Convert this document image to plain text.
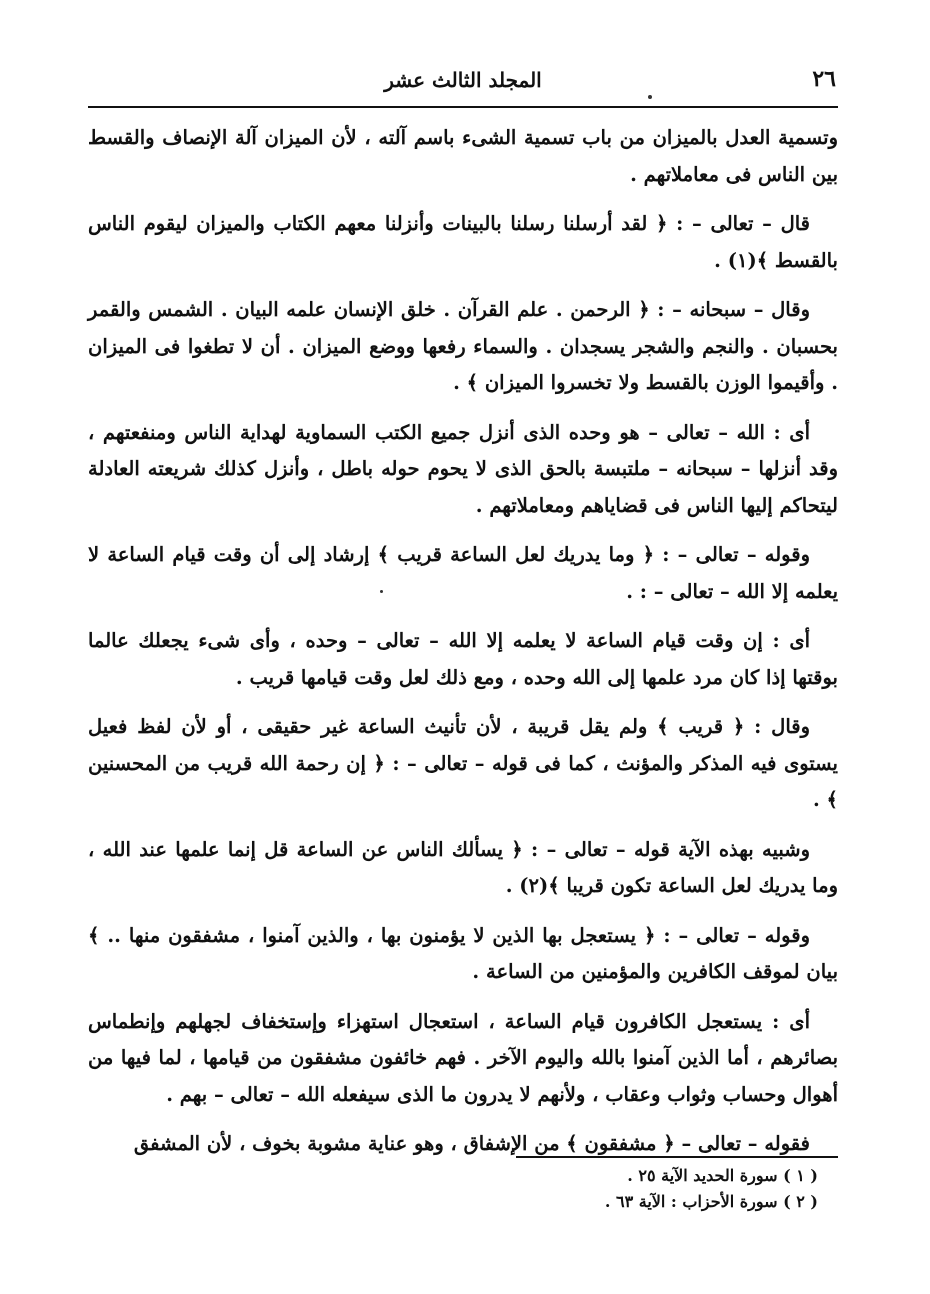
٢٦
المجلد الثالث عشر

وتسمية العدل بالميزان من باب تسمية الشىء باسم آلته ، لأن الميزان آلة الإنصاف والقسط بين الناس فى معاملاتهم .

قال – تعالى – : ﴿ لقد أرسلنا رسلنا بالبينات وأنزلنا معهم الكتاب والميزان ليقوم الناس بالقسط ﴾(١) .

وقال – سبحانه – : ﴿ الرحمن . علم القرآن . خلق الإنسان علمه البيان . الشمس والقمر بحسبان . والنجم والشجر يسجدان . والسماء رفعها ووضع الميزان . أن لا تطغوا فى الميزان . وأقيموا الوزن بالقسط ولا تخسروا الميزان ﴾ .

أى : الله – تعالى – هو وحده الذى أنزل جميع الكتب السماوية لهداية الناس ومنفعتهم ، وقد أنزلها – سبحانه – ملتبسة بالحق الذى لا يحوم حوله باطل ، وأنزل كذلك شريعته العادلة ليتحاكم إليها الناس فى قضاياهم ومعاملاتهم .

وقوله – تعالى – : ﴿ وما يدريك لعل الساعة قريب ﴾ إرشاد إلى أن وقت قيام الساعة لا يعلمه إلا الله – تعالى – : .

أى : إن وقت قيام الساعة لا يعلمه إلا الله – تعالى – وحده ، وأى شىء يجعلك عالما بوقتها إذا كان مرد علمها إلى الله وحده ، ومع ذلك لعل وقت قيامها قريب .

وقال : ﴿ قريب ﴾ ولم يقل قريبة ، لأن تأنيث الساعة غير حقيقى ، أو لأن لفظ فعيل يستوى فيه المذكر والمؤنث ، كما فى قوله – تعالى – : ﴿ إن رحمة الله قريب من المحسنين ﴾ .

وشبيه بهذه الآية قوله – تعالى – : ﴿ يسألك الناس عن الساعة قل إنما علمها عند الله ، وما يدريك لعل الساعة تكون قريبا ﴾(٢) .

وقوله – تعالى – : ﴿ يستعجل بها الذين لا يؤمنون بها ، والذين آمنوا ، مشفقون منها .. ﴾ بيان لموقف الكافرين والمؤمنين من الساعة .

أى : يستعجل الكافرون قيام الساعة ، استعجال استهزاء وإستخفاف لجهلهم وإنطماس بصائرهم ، أما الذين آمنوا بالله واليوم الآخر . فهم خائفون مشفقون من قيامها ، لما فيها من أهوال وحساب وثواب وعقاب ، ولأنهم لا يدرون ما الذى سيفعله الله – تعالى – بهم .

فقوله – تعالى – ﴿ مشفقون ﴾ من الإشفاق ، وهو عناية مشوبة بخوف ، لأن المشفق

( ١ ) سورة الحديد الآية ٢٥ .
( ٢ ) سورة الأحزاب : الآية ٦٣ .
